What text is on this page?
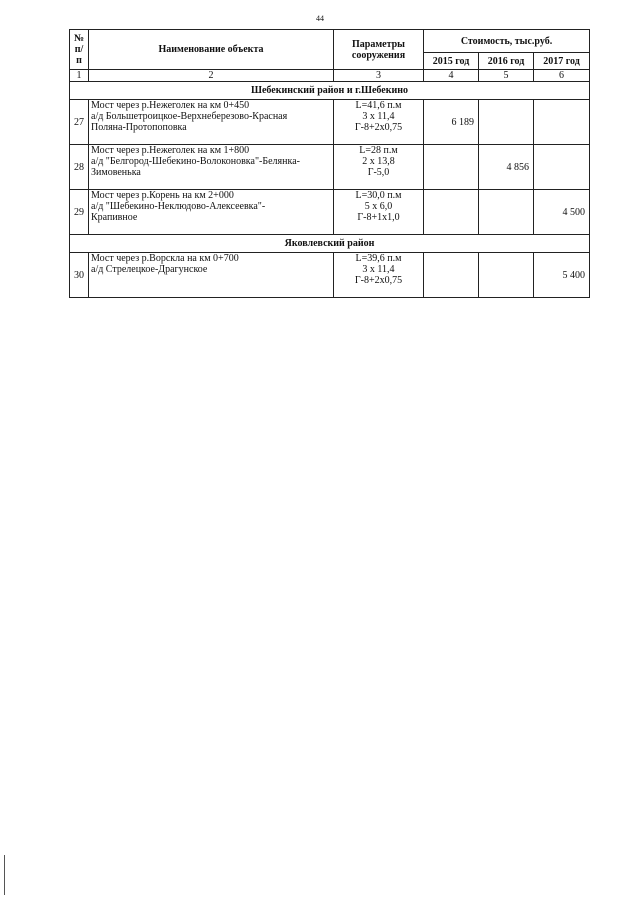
44
№
п/п	Наименование объекта	Параметры
сооружения	Стоимость, тыс.руб.		
			2015 год	2016 год	2017 год
1	2	3	4	5	6
Шебекинский район и г.Шебекино					
27	Мост через р.Нежеголек на км 0+450
а/д Большетроицкое-Верхнеберезово-Красная
Поляна-Протопоповка	L=41,6 п.м
3 х 11,4
Г-8+2х0,75	6 189		
28	Мост через р.Нежеголек на км 1+800
а/д "Белгород-Шебекино-Волоконовка"-Белянка-
Зимовенька	L=28 п.м
2 х 13,8
Г-5,0		4 856	
29	Мост через р.Корень на км 2+000
а/д "Шебекино-Неклюдово-Алексеевка"-
Крапивное	L=30,0 п.м
5 х 6,0
Г-8+1х1,0			4 500
Яковлевский район					
30	Мост через р.Ворскла на км 0+700
а/д Стрелецкое-Драгунское	L=39,6 п.м
3 х 11,4
Г-8+2х0,75			5 400
